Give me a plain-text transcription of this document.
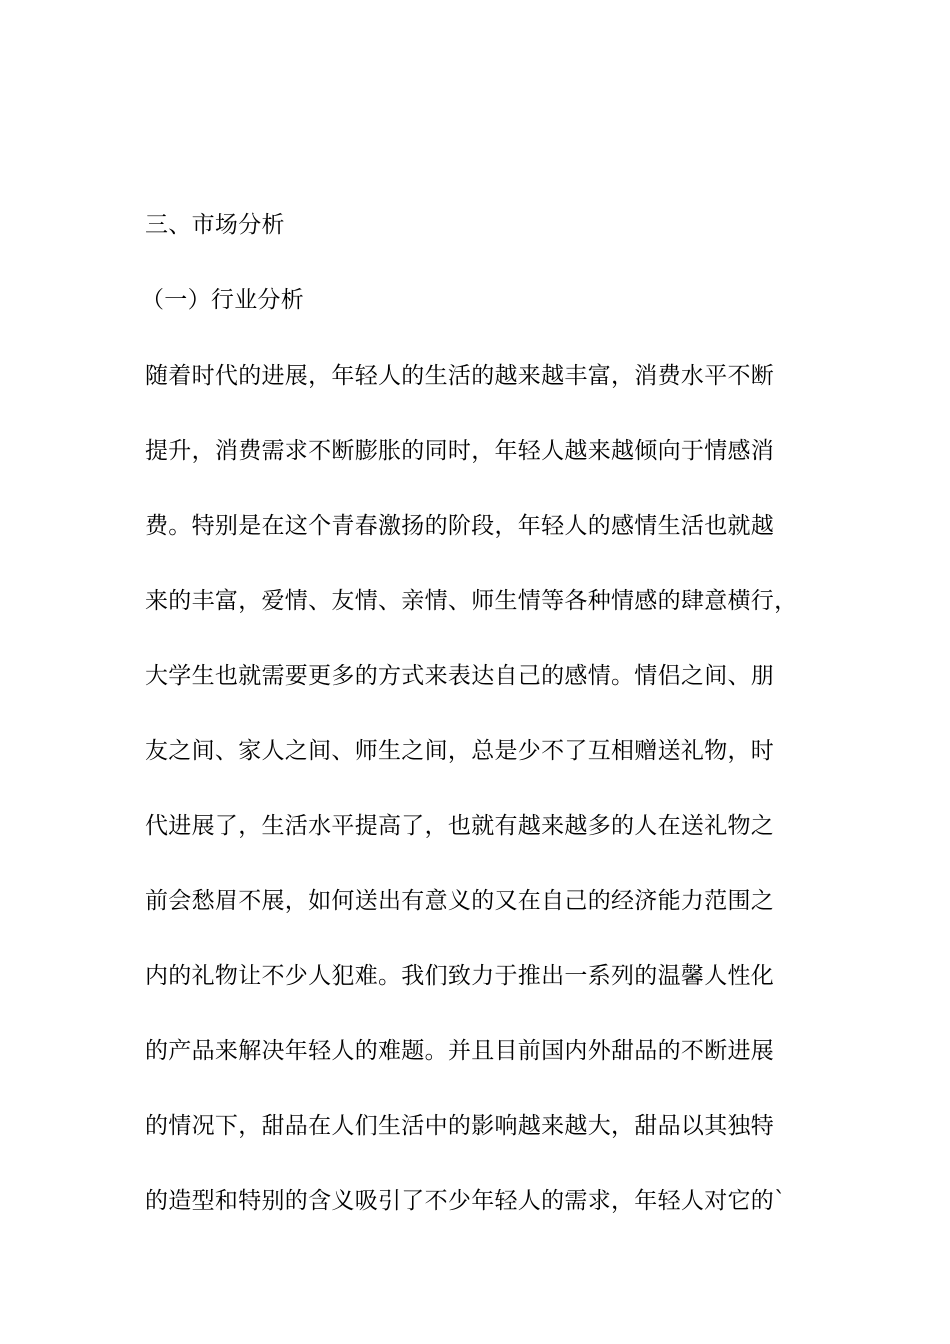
三、市场分析
（一）行业分析
随着时代的进展，年轻人的生活的越来越丰富，消费水平不断
提升，消费需求不断膨胀的同时，年轻人越来越倾向于情感消
费。特别是在这个青春激扬的阶段，年轻人的感情生活也就越
来的丰富，爱情、友情、亲情、师生情等各种情感的肆意横行，
大学生也就需要更多的方式来表达自己的感情。情侣之间、朋
友之间、家人之间、师生之间，总是少不了互相赠送礼物，时
代进展了，生活水平提高了，也就有越来越多的人在送礼物之
前会愁眉不展，如何送出有意义的又在自己的经济能力范围之
内的礼物让不少人犯难。我们致力于推出一系列的温馨人性化
的产品来解决年轻人的难题。并且目前国内外甜品的不断进展
的情况下，甜品在人们生活中的影响越来越大，甜品以其独特
的造型和特别的含义吸引了不少年轻人的需求，年轻人对它的`
